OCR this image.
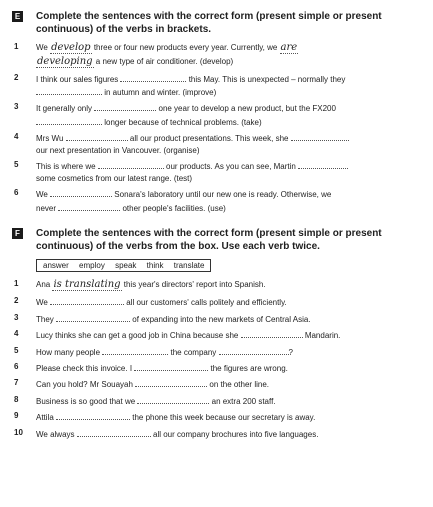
E Complete the sentences with the correct form (present simple or present continuous) of the verbs in brackets.
1	We develop three or four new products every year. Currently, we are
developing a new type of air conditioner. (develop)
2	I think our sales figures	this May. This is unexpected – normally they
in autumn and winter. (improve)
3	It generally only	one year to develop a new product, but the FX200
longer because of technical problems. (take)
4	Mrs Wu	all our product presentations. This week, she
our next presentation in Vancouver. (organise)
5	This is where we	our products. As you can see, Martin
some cosmetics from our latest range. (test)
6	We	Sonara's laboratory until our new one is ready. Otherwise, we
never	other people's facilities. (use)
F	Complete the sentences with the correct form (present simple or present continuous) of the verbs from the box. Use each verb twice.
answer employ speak think translate
1	Ana is translating this year's directors' report into Spanish.
2	We	all our customers' calls politely and efficiently.
3	They	of expanding into the new markets of Central Asia.
4	Lucy thinks she can get a good job in China because she	Mandarin.
5	How many people	the company	?
6	Please check this invoice. I	the figures are wrong.
7	Can you hold? Mr Souayah	on the other line.
8	Business is so good that we	an extra 200 staff.
9	Attila	the phone this week because our secretary is away.
10	We always	all our company brochures into five languages.
